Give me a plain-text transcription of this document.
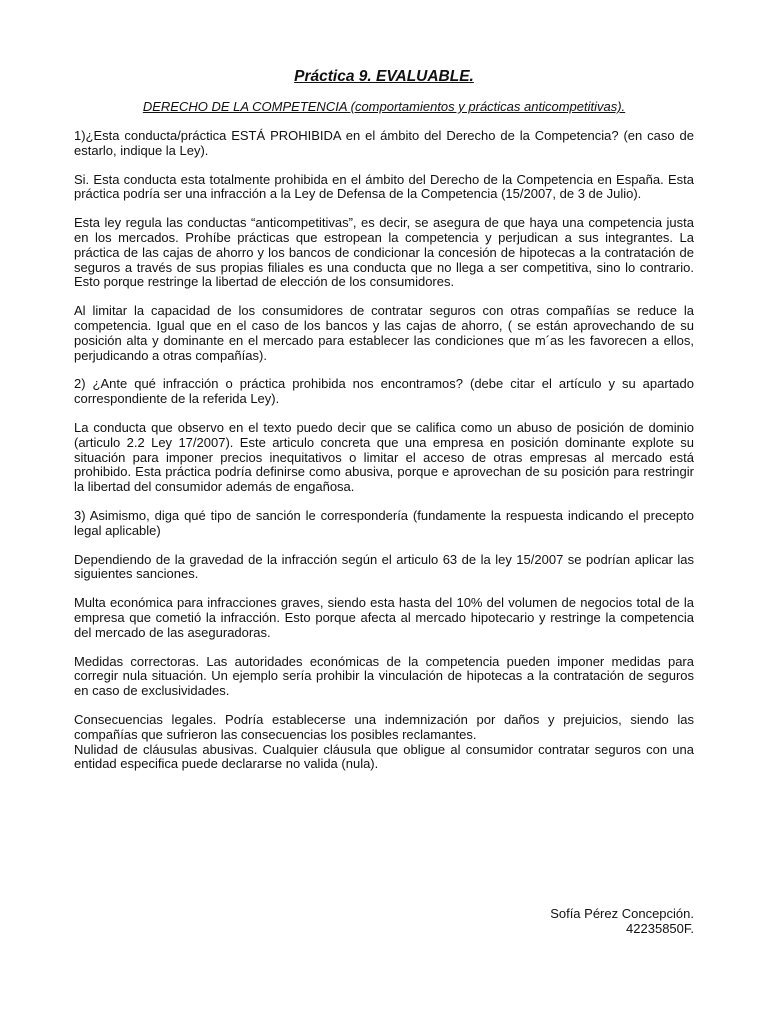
Práctica 9. EVALUABLE.
DERECHO DE LA COMPETENCIA (comportamientos y prácticas anticompetitivas).

1)¿Esta conducta/práctica ESTÁ PROHIBIDA en el ámbito del Derecho de la Competencia? (en caso de estarlo, indique la Ley).

Si. Esta conducta esta totalmente prohibida en el ámbito del Derecho de la Competencia en España. Esta práctica podría ser una infracción a la Ley de Defensa de la Competencia (15/2007, de 3 de Julio).

Esta ley regula las conductas “anticompetitivas”, es decir, se asegura de que haya una competencia justa en los mercados. Prohíbe prácticas que estropean la competencia y perjudican a sus integrantes. La práctica de las cajas de ahorro y los bancos de condicionar la concesión de hipotecas a la contratación de seguros a través de sus propias filiales es una conducta que no llega a ser competitiva, sino lo contrario. Esto porque restringe la libertad de elección de los consumidores.

Al limitar la capacidad de los consumidores de contratar seguros con otras compañías se reduce la competencia. Igual que en el caso de los bancos y las cajas de ahorro, ( se están aprovechando de su posición alta y dominante en el mercado para establecer las condiciones que m´as les favorecen a ellos, perjudicando a otras compañías).

2) ¿Ante qué infracción o práctica prohibida nos encontramos? (debe citar el artículo y su apartado correspondiente de la referida Ley).

La conducta que observo en el texto puedo decir que se califica como un abuso de posición de dominio (articulo 2.2 Ley 17/2007). Este articulo concreta que una empresa en posición dominante explote su situación para imponer precios inequitativos o limitar el acceso de otras empresas al mercado está prohibido. Esta práctica podría definirse como abusiva, porque e aprovechan de su posición para restringir la libertad del consumidor además de engañosa.

3) Asimismo, diga qué tipo de sanción le correspondería (fundamente la respuesta indicando el precepto legal aplicable)

Dependiendo de la gravedad de la infracción según el articulo 63 de la ley 15/2007 se podrían aplicar las siguientes sanciones.

Multa económica para infracciones graves, siendo esta hasta del 10% del volumen de negocios total de la empresa que cometió la infracción. Esto porque afecta al mercado hipotecario y restringe la competencia del mercado de las aseguradoras.

Medidas correctoras. Las autoridades económicas de la competencia pueden imponer medidas para corregir nula situación. Un ejemplo sería prohibir la vinculación de hipotecas a la contratación de seguros en caso de exclusividades.

Consecuencias legales. Podría establecerse una indemnización por daños y prejuicios, siendo las compañías que sufrieron las consecuencias los posibles reclamantes.

Nulidad de cláusulas abusivas. Cualquier cláusula que obligue al consumidor contratar seguros con una entidad especifica puede declararse no valida (nula).

Sofía Pérez Concepción.
42235850F.
